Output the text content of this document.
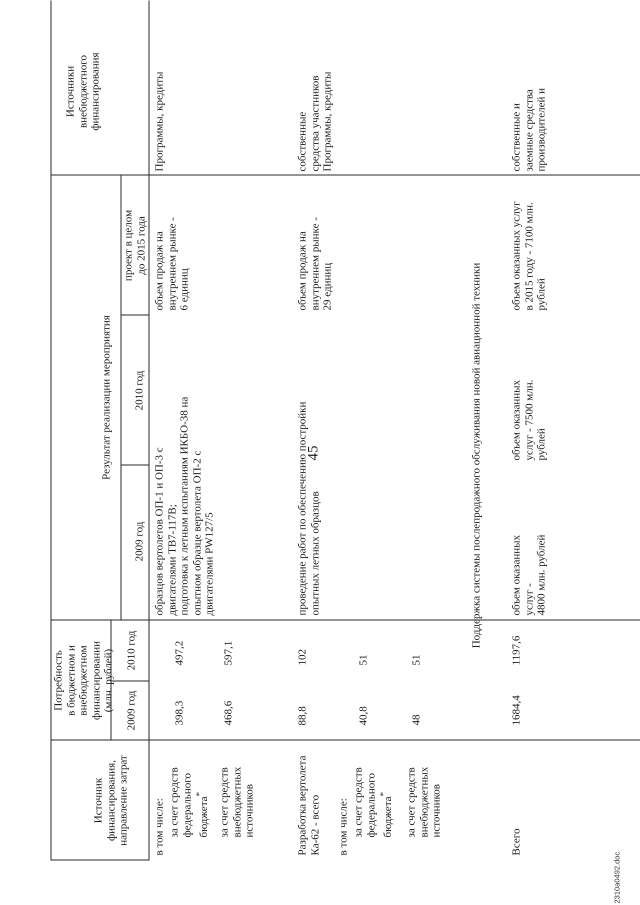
45
Источник финансирования, направление затрат
Потребность в бюджетном и внебюджетном финансировании (млн. рублей) 2009 год
2010 год
Результат реализации мероприятия
2009 год
2010 год
проект в целом до 2015 года
Источники внебюджетного финансирования
в том числе: за счет средств федерального бюджета*
398,3
497,2
за счет средств внебюджетных источников
468,6
597,1
образцов вертолетов ОП-1 и ОП-3 с двигателями ТВ7-117В; подготовка к летным испытаниям ИКБО-38 на опытном образце вертолета ОП-2 с двигателями PW127/5
объем продаж на внутреннем рынке - 6 единиц
Программы, кредиты
Разработка вертолета Ка-62 - всего
88,8
102
в том числе: за счет средств федерального бюджета*
40,8
51
за счет средств внебюджетных источников
48
51
проведение работ по обеспечению постройки опытных летных образцов
объем продаж на внутреннем рынке - 29 единиц
собственные средства участников Программы, кредиты
Поддержка системы послепродажного обслуживания новой авиационной техники
Всего
1684,4
1197,6
объем оказанных услуг - 4800 млн. рублей
объем оказанных услуг - 7500 млн. рублей
объем оказанных услуг в 2015 году - 7100 млн. рублей
собственные и заемные средства производителей и
2310а0492.doc
